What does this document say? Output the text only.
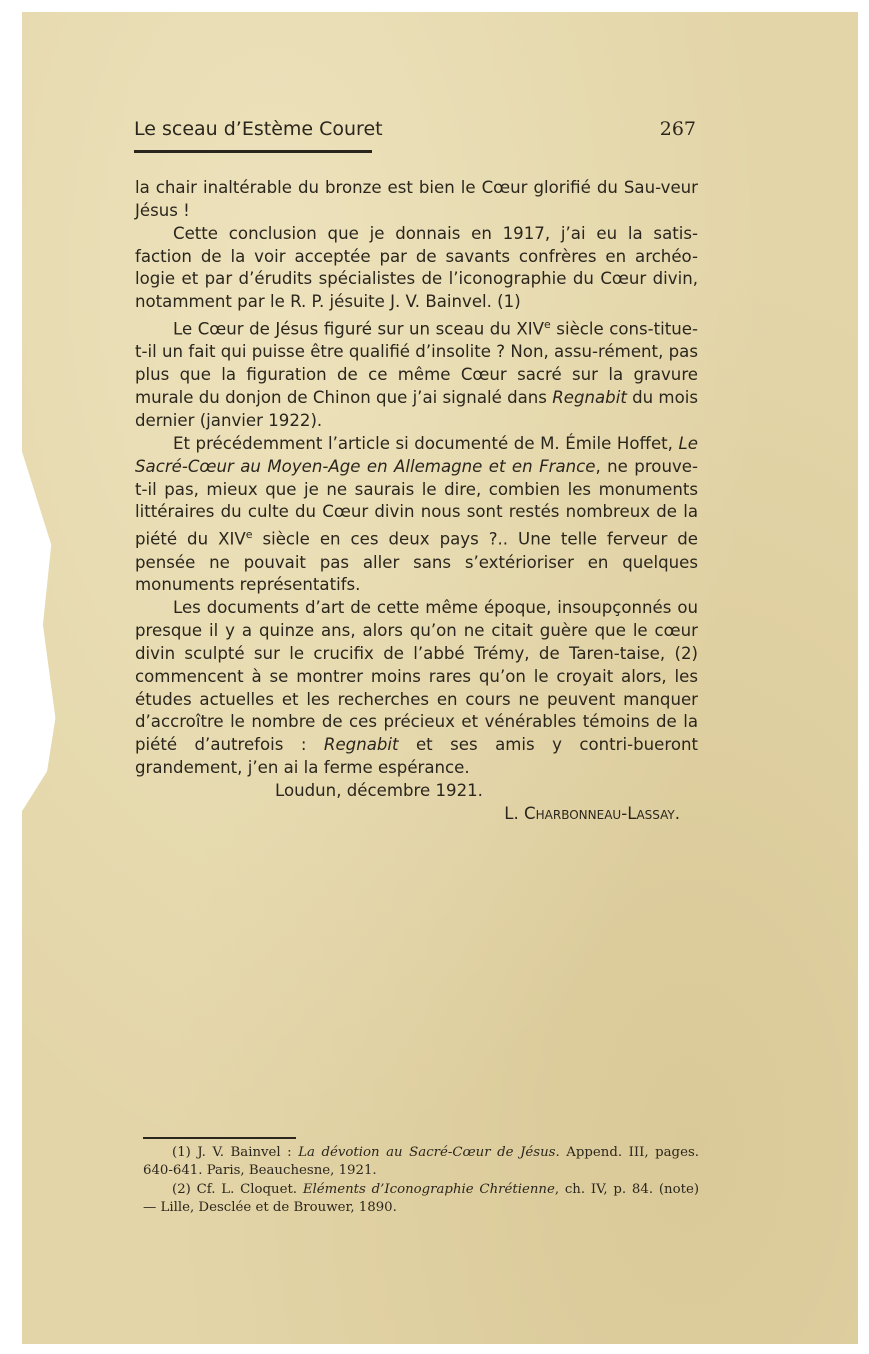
Le sceau d’Estème Couret	267

la chair inaltérable du bronze est bien le Cœur glorifié du Sau-veur Jésus !

Cette conclusion que je donnais en 1917, j’ai eu la satis-faction de la voir acceptée par de savants confrères en archéo-logie et par d’érudits spécialistes de l’iconographie du Cœur divin, notamment par le R. P. jésuite J. V. Bainvel. (1)

Le Cœur de Jésus figuré sur un sceau du XIVe siècle cons-titue-t-il un fait qui puisse être qualifié d’insolite ? Non, assu-rément, pas plus que la figuration de ce même Cœur sacré sur la gravure murale du donjon de Chinon que j’ai signalé dans Regnabit du mois dernier (janvier 1922).

Et précédemment l’article si documenté de M. Émile Hoffet, Le Sacré-Cœur au Moyen-Age en Allemagne et en France, ne prouve-t-il pas, mieux que je ne saurais le dire, combien les monuments littéraires du culte du Cœur divin nous sont restés nombreux de la piété du XIVe siècle en ces deux pays ?.. Une telle ferveur de pensée ne pouvait pas aller sans s’extérioriser en quelques monuments représentatifs.

Les documents d’art de cette même époque, insoupçonnés ou presque il y a quinze ans, alors qu’on ne citait guère que le cœur divin sculpté sur le crucifix de l’abbé Trémy, de Taren-taise, (2) commencent à se montrer moins rares qu’on le croyait alors, les études actuelles et les recherches en cours ne peuvent manquer d’accroître le nombre de ces précieux et vénérables témoins de la piété d’autrefois : Regnabit et ses amis y contri-bueront grandement, j’en ai la ferme espérance.

Loudun, décembre 1921.

L. Charbonneau-Lassay.

(1) J. V. Bainvel : La dévotion au Sacré-Cœur de Jésus. Append. III, pages. 640-641. Paris, Beauchesne, 1921.

(2) Cf. L. Cloquet. Eléments d’Iconographie Chrétienne, ch. IV, p. 84. (note) — Lille, Desclée et de Brouwer, 1890.
